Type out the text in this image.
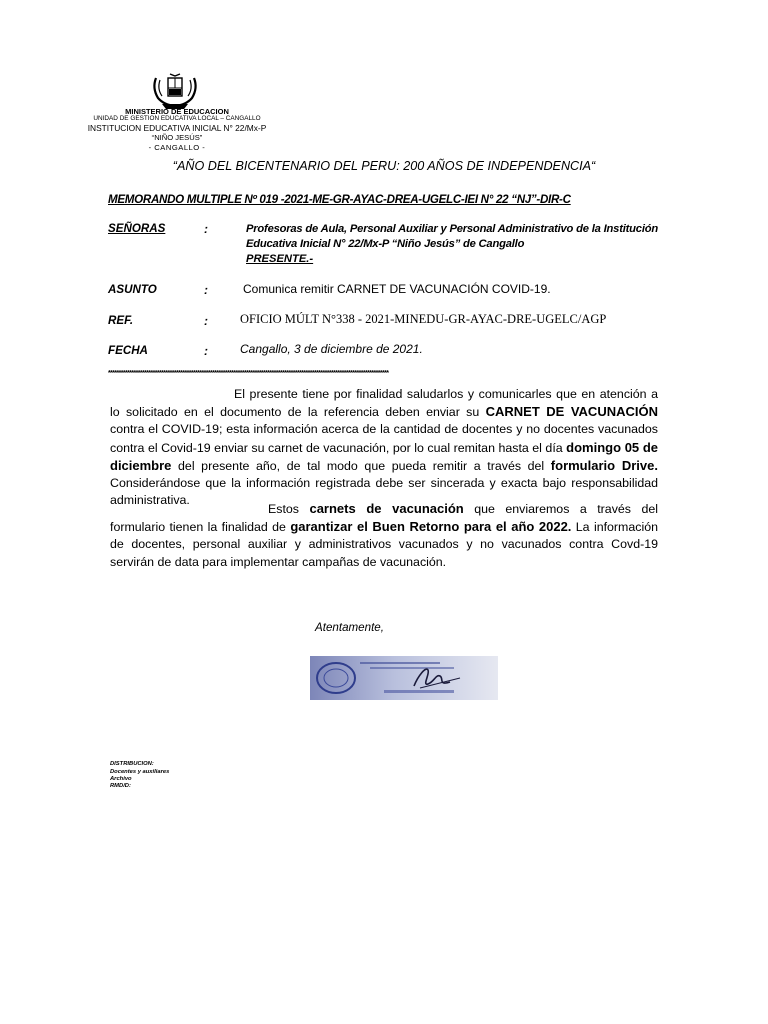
MINISTERIO DE EDUCACION
UNIDAD DE GESTION EDUCATIVA LOCAL – CANGALLO
INSTITUCION EDUCATIVA INICIAL N° 22/Mx-P
“NIÑO JESÚS”
- CANGALLO -
“AÑO DEL BICENTENARIO DEL PERU: 200 AÑOS DE INDEPENDENCIA“
MEMORANDO MULTIPLE Nº 019 -2021-ME-GR-AYAC-DREA-UGELC-IEI N° 22 “NJ”-DIR-C
SEÑORAS	:	Profesoras de Aula, Personal Auxiliar y Personal Administrativo de la Institución Educativa Inicial N° 22/Mx-P “Niño Jesús” de Cangallo
PRESENTE.-
ASUNTO	:	Comunica remitir CARNET DE VACUNACIÓN COVID-19.
REF.	:	OFICIO MÚLT N°338 - 2021-MINEDU-GR-AYAC-DRE-UGELC/AGP
FECHA	:	Cangallo, 3 de diciembre de 2021.
************************************************************************************************************************************

El presente tiene por finalidad saludarlos y comunicarles que en atención a lo solicitado en el documento de la referencia deben enviar su CARNET DE VACUNACIÓN contra el COVID-19; esta información acerca de la cantidad de docentes y no docentes vacunados contra el Covid-19 enviar su carnet de vacunación, por lo cual remitan hasta el día domingo 05 de diciembre del presente año, de tal modo que pueda remitir a través del formulario Drive. Considerándose que la información registrada debe ser sincerada y exacta bajo responsabilidad administrativa.

Estos carnets de vacunación que enviaremos a través del formulario tienen la finalidad de garantizar el Buen Retorno para el año 2022. La información de docentes, personal auxiliar y administrativos vacunados y no vacunados contra Covd-19 servirán de data para implementar campañas de vacunación.

Atentamente,
DISTRIBUCION:
Docentes y auxiliares
Archivo
RMD/D:
